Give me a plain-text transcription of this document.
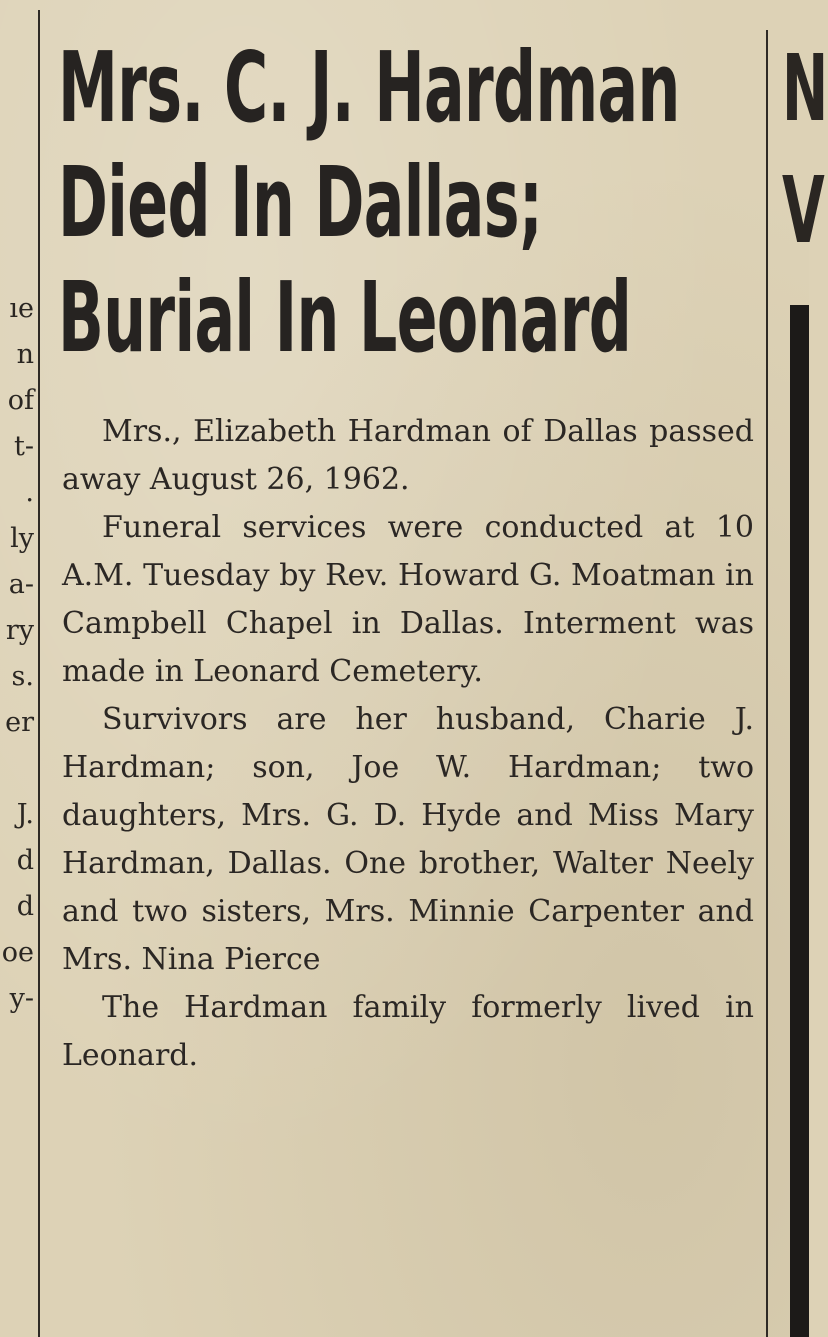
ıe
n
of
t-
.
ly
a-
ry
s.
er
J.
d
d
oe
y-
N
V
Mrs. C. J. Hardman
Died In Dallas;
Burial In Leonard

Mrs., Elizabeth Hardman of Dallas passed away August 26, 1962.

Funeral services were conducted at 10 A.M. Tuesday by Rev. Howard G. Moatman in Campbell Chapel in Dallas. Interment was made in Leonard Cemetery.

Survivors are her husband, Charie J. Hardman; son, Joe W. Hardman; two daughters, Mrs. G. D. Hyde and Miss Mary Hardman, Dallas. One brother, Walter Neely and two sisters, Mrs. Minnie Carpenter and Mrs. Nina Pierce

The Hardman family formerly lived in Leonard.
